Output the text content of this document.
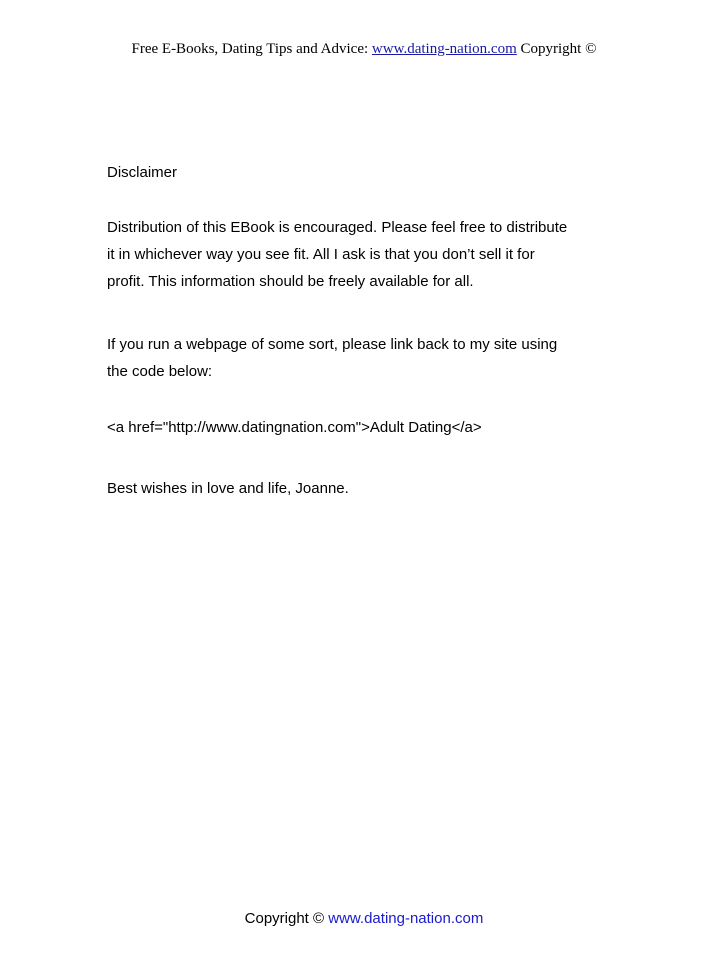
Free E-Books, Dating Tips and Advice: www.dating-nation.com Copyright ©
Disclaimer
Distribution of this EBook is encouraged. Please feel free to distribute
it in whichever way you see fit. All I ask is that you don’t sell it for
profit. This information should be freely available for all.
If you run a webpage of some sort, please link back to my site using
the code below:
<a href="http://www.datingnation.com">Adult Dating</a>
Best wishes in love and life, Joanne.
Copyright © www.dating-nation.com
